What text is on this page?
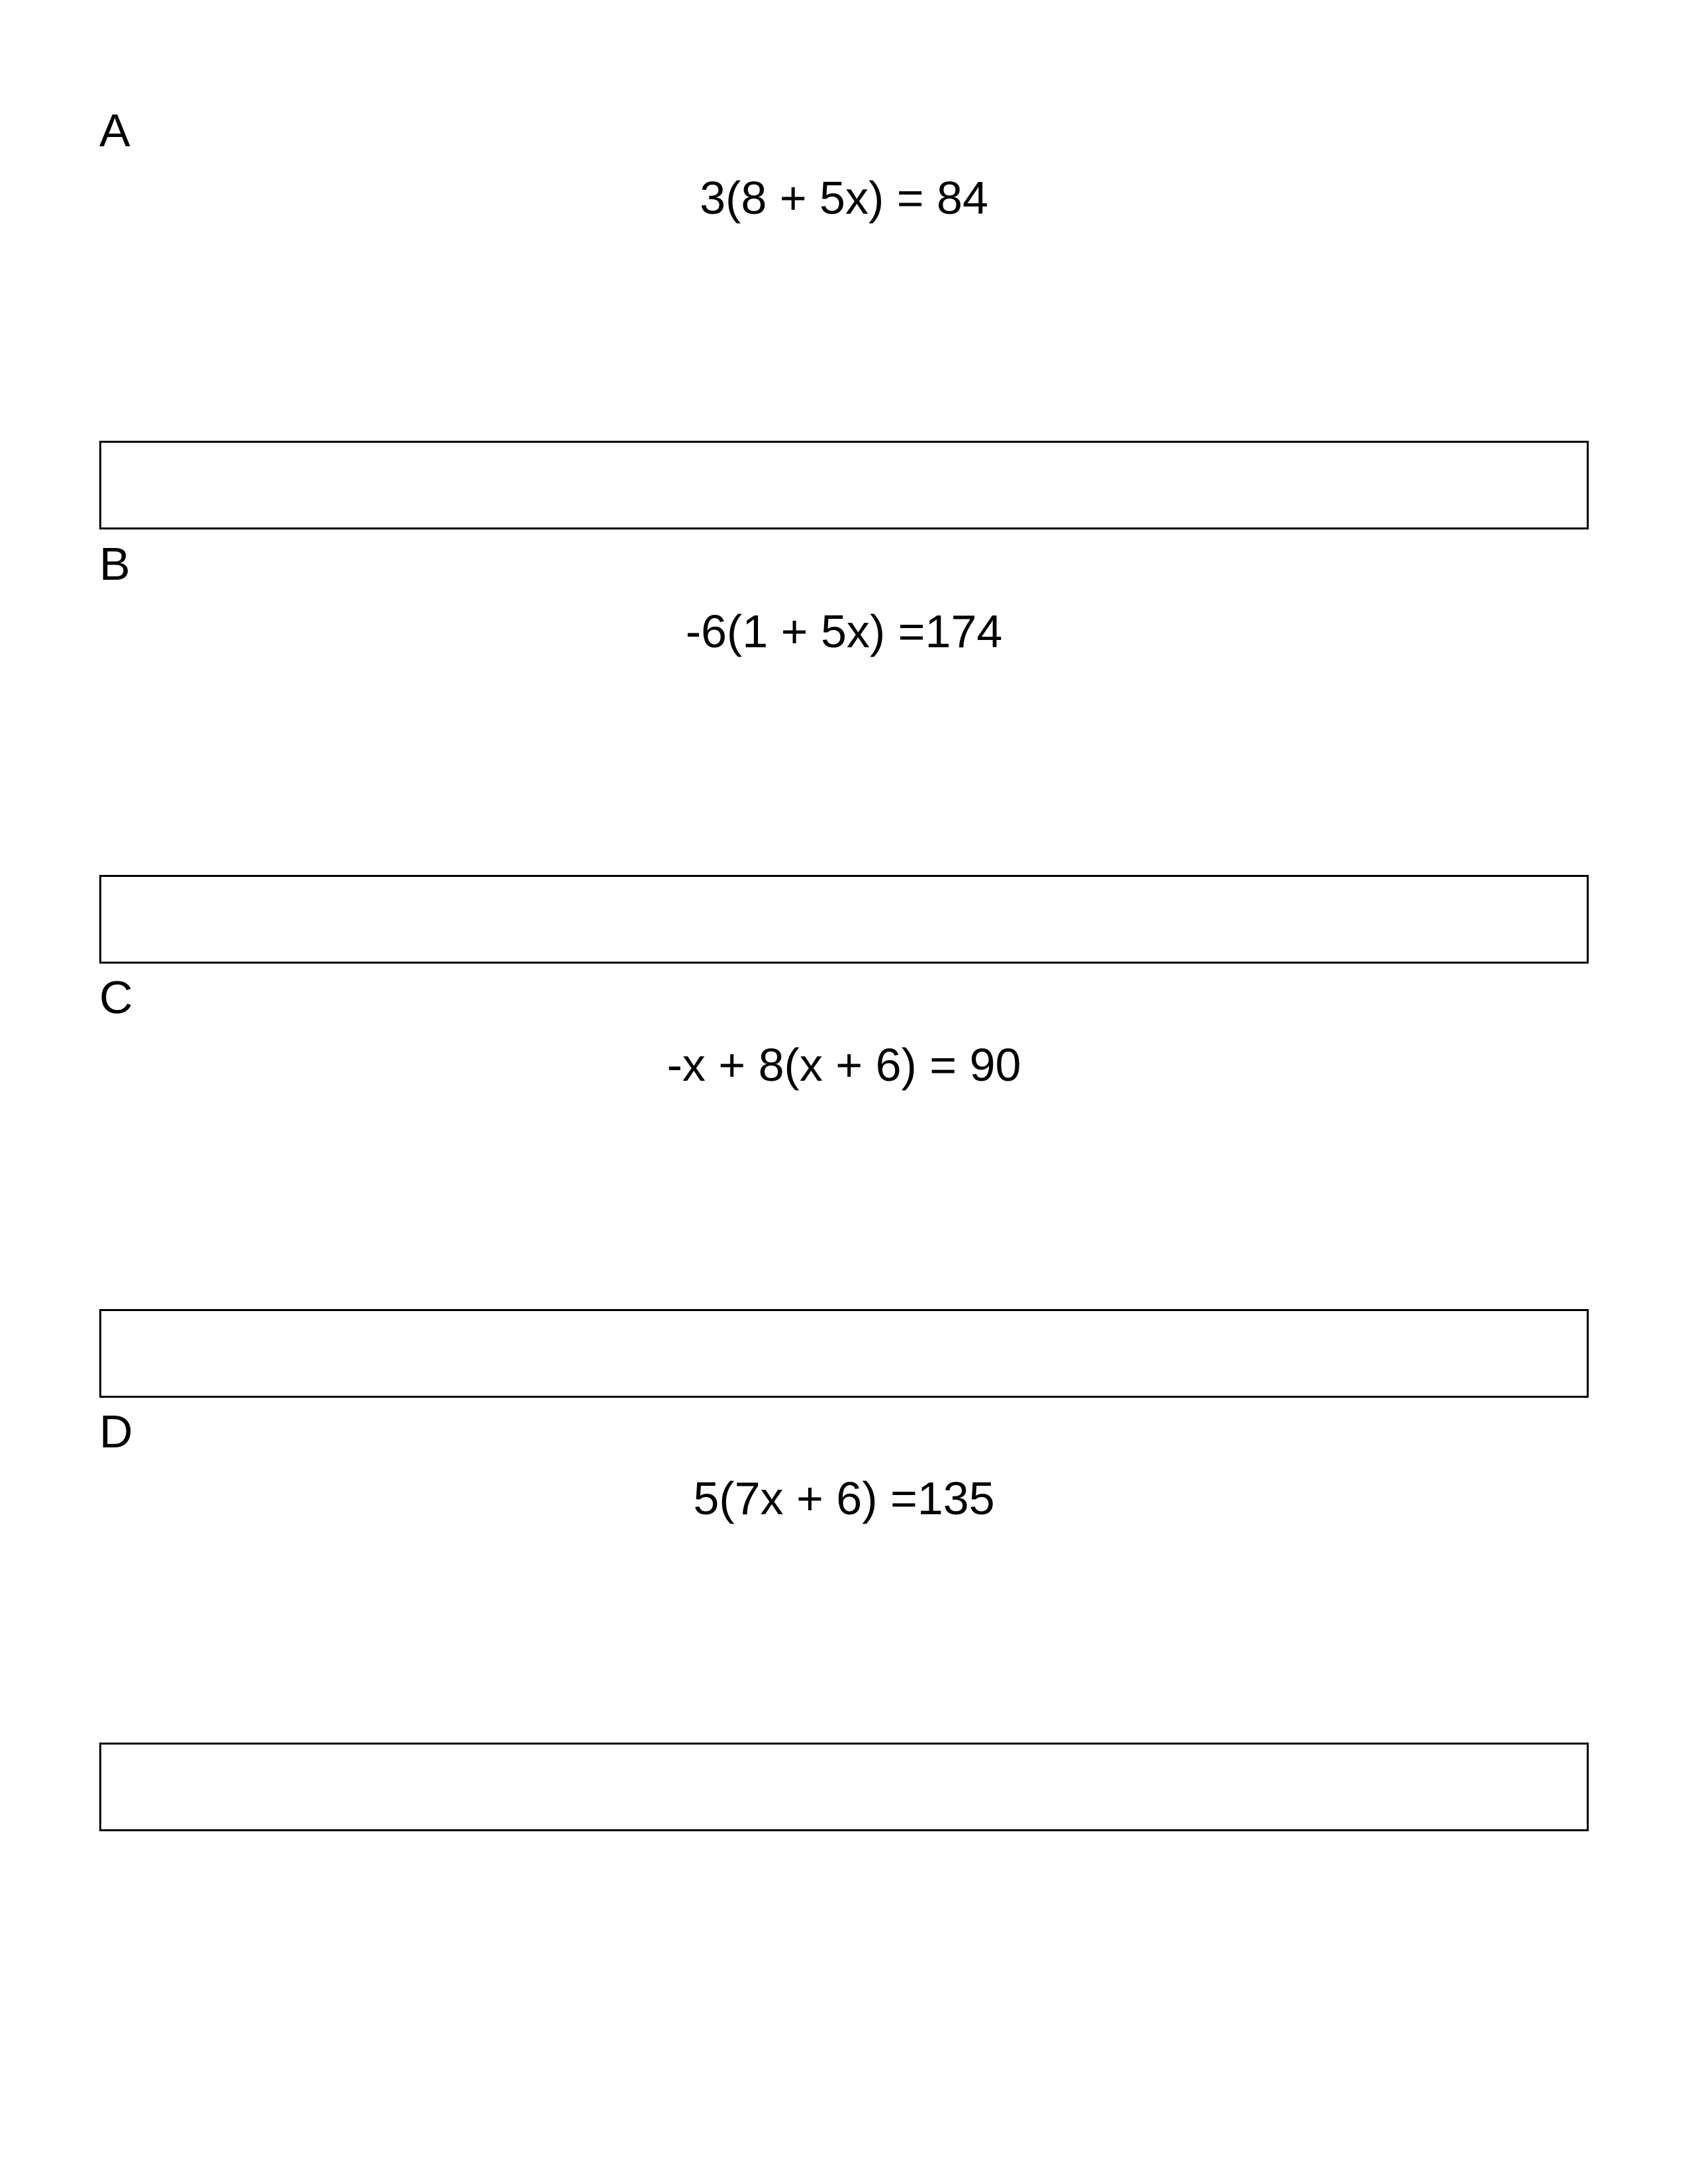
A
3(8 + 5x) = 84
B
-6(1 + 5x) =174
C
-x + 8(x + 6) = 90
D
5(7x + 6) =135
